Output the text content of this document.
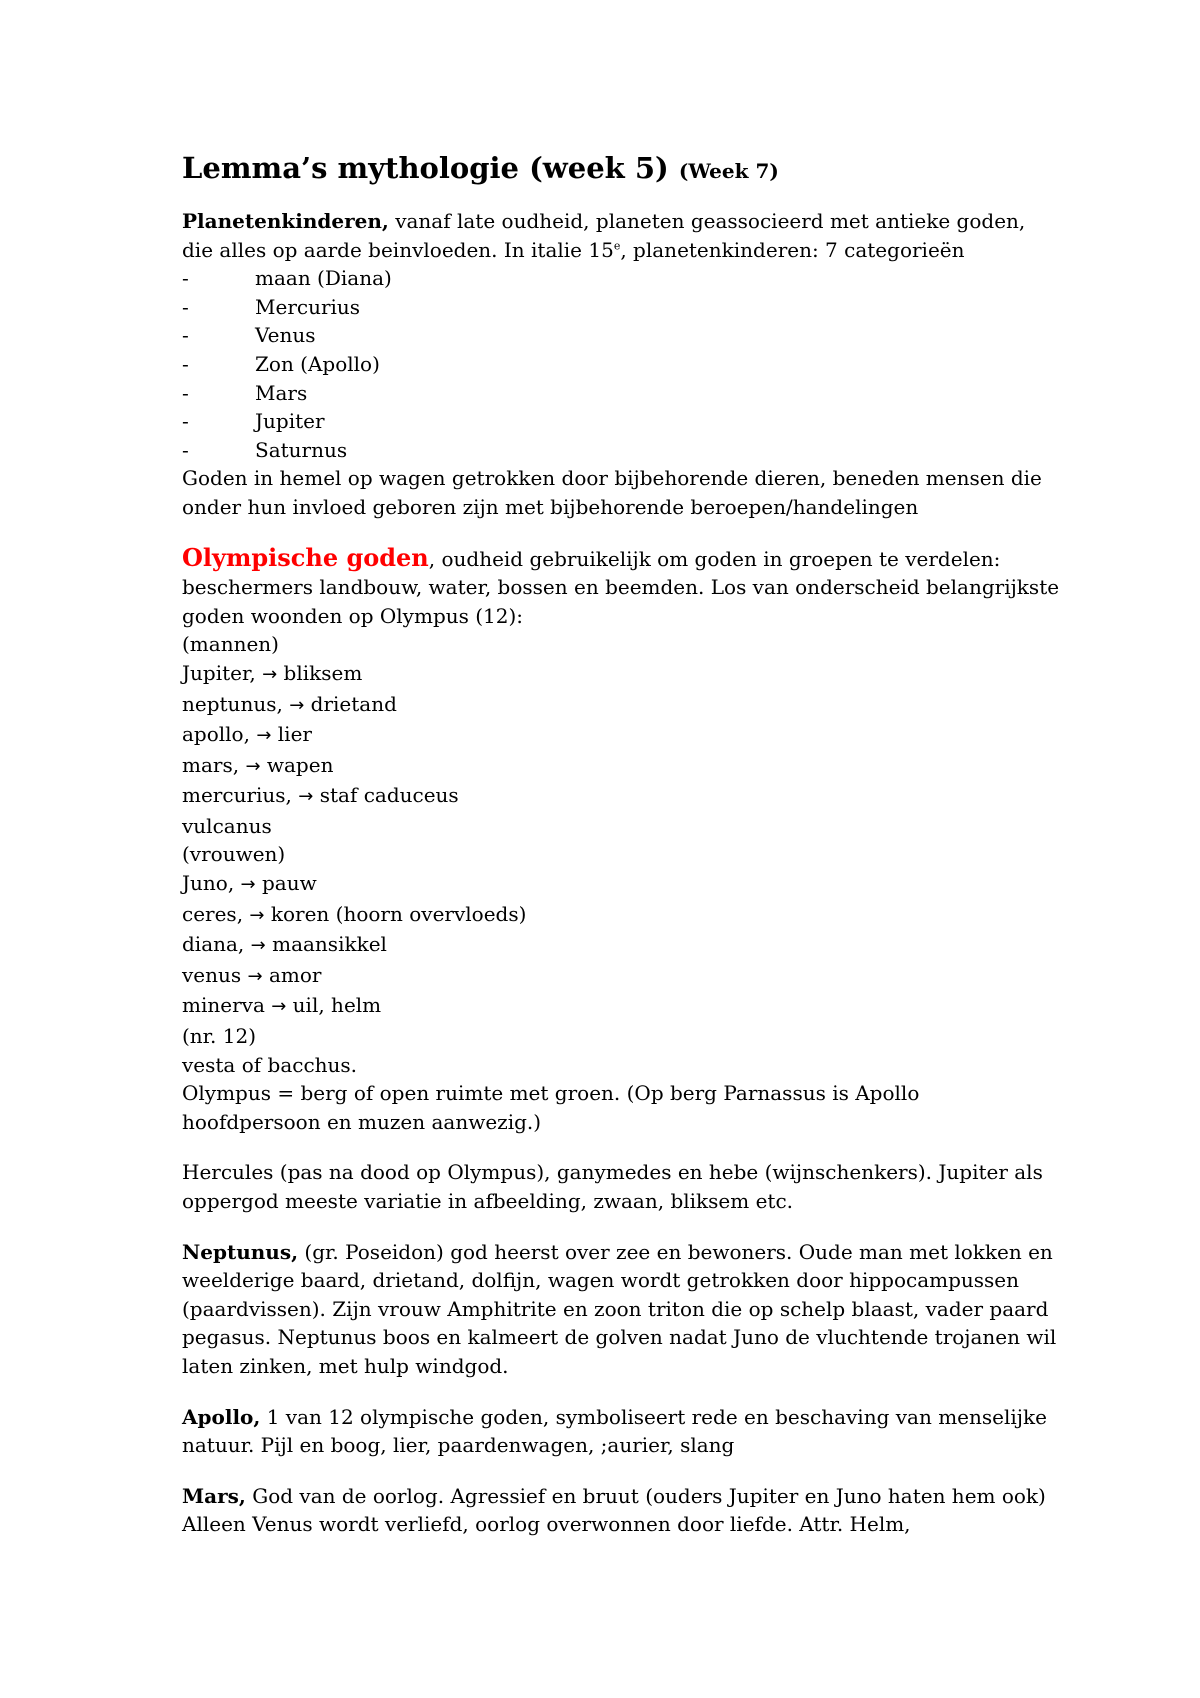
Lemma’s mythologie (week 5) (Week 7)

Planetenkinderen, vanaf late oudheid, planeten geassocieerd met antieke goden, die alles op aarde beinvloeden. In italie 15e, planetenkinderen: 7 categorieën

-	maan (Diana)
-	Mercurius
-	Venus
-	Zon (Apollo)
-	Mars
-	Jupiter
-	Saturnus

Goden in hemel op wagen getrokken door bijbehorende dieren, beneden mensen die onder hun invloed geboren zijn met bijbehorende beroepen/handelingen

Olympische goden, oudheid gebruikelijk om goden in groepen te verdelen: beschermers landbouw, water, bossen en beemden. Los van onderscheid belangrijkste goden woonden op Olympus (12):

(mannen)
Jupiter, → bliksem
neptunus, → drietand
apollo, → lier
mars, → wapen
mercurius, → staf caduceus
vulcanus
(vrouwen)
Juno, → pauw
ceres, → koren (hoorn overvloeds)
diana, → maansikkel
venus → amor
minerva → uil, helm
(nr. 12)
vesta of bacchus.

Olympus = berg of open ruimte met groen. (Op berg Parnassus is Apollo hoofdpersoon en muzen aanwezig.)

Hercules (pas na dood op Olympus), ganymedes en hebe (wijnschenkers). Jupiter als oppergod meeste variatie in afbeelding, zwaan, bliksem etc.

Neptunus, (gr. Poseidon) god heerst over zee en bewoners. Oude man met lokken en weelderige baard, drietand, dolfijn, wagen wordt getrokken door hippocampussen (paardvissen). Zijn vrouw Amphitrite en zoon triton die op schelp blaast, vader paard pegasus. Neptunus boos en kalmeert de golven nadat Juno de vluchtende trojanen wil laten zinken, met hulp windgod.

Apollo, 1 van 12 olympische goden, symboliseert rede en beschaving van menselijke natuur. Pijl en boog, lier, paardenwagen, ;aurier, slang

Mars, God van de oorlog. Agressief en bruut (ouders Jupiter en Juno haten hem ook) Alleen Venus wordt verliefd, oorlog overwonnen door liefde. Attr. Helm,
